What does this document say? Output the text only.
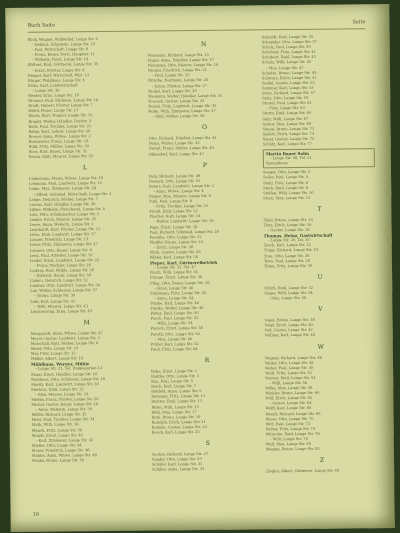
Buch Seite
Seite
Bück, Wagner, Wildenhof, Lange Str. 6
– Helmut, Schmiede, Lange Str. 23
– Paul, Wirtschaft, Lange Str. 9
– Franz, Bauer, Forst, Hauptstr. 11
– Wilhelm, Forst, Lange Str. 14
Büttner, Karl, Gärtnerei, Lange Str. 35
– Ernst, Förster, Lange Str. 8
Bünger, Karl, Wirtschaft, Wirt. 12
Bürger, Waldhaus, Lange Str. 4
Erika, Karl, Landwirtschaft
– Lange Str. 36
Bender, Erna, Lange Str. 16
Brenner, Paul, Bäckerei, Lange Str. 18
Brodt, Hubert, Förster Lange Str. 7
Bödel, Bauer, Lange Str. 15
Busch, Kurt, Wagner, Lange Str. 12
Brandt, Walter, Händler, Dorfstr. 3
Boek, Paul, Tischler, Lange Str. 21
Böhm, Karl, Lehrer, Lange Str. 40
Breuer, Anna, Witwe, Lange Str. 2
Burmeister, Franz, Lange Str. 18
Buhl, Fritz, Müller, Lange Str. 29
Boos, Karl, Bauer, Lange Str. 31
Braun, Emil, Maurer, Lange Str. 33
L
Lindemann, Marie, Witwe, Lange Str. 10
Lehmann, Paul, Landwirt, Lange Str. 15
Linke, Max, Zimmerer, Lange Str. 24
– Alfred, Schmied, Wirtschaft, Lange Str. 3
Lange, Heinrich, Bäcker, Lange Str. 7
Lorenz, Karl, Händler, Lange Str. 36
Lübke, Wilhelm, Fleischerei, Lange Str. 4
Lutz, Otto, Schuhmacher, Lange Str. 5
Lemke, Erich, Maurer, Lange Str. 25
Loose, Anna, Weberin, Lange Str. 1
Leonhardt, Karl, Förster, Lange Str. 11
Löwe, Emil, Landwirt, Lange Str. 17
Langer, Friedrich, Lange Str. 13
Leber, Fritz, Zimmerer, Lange Str. 27
Lehnert, Otto, Bauer, Lange Str. 6
Lenz, Paul, Arbeiter, Lange Str. 19
Linder, Ernst, Landwirt, Lange Str. 22
– Franz, Tischler, Lange Str. 26
Ludwig, Karl, Mühle, Lange Str. 28
– Richard, Bauer, Lange Str. 30
Lüders, Heinrich, Lange Str. 32
Lindner, Otto, Landwirt, Lange Str. 34
Lux, Walter, Schlosser, Lange Str. 37
– Bruno, Lange Str. 39
Lehr, Karl, Lange Str. 41
– Willi, Maurer, Lange Str. 43
Leichsenring, Erna, Lange Str. 45
M
Marquardt, Anna, Witwe, Lange Str. 47
Meyer, Gustav, Landwirt, Lange Str. 2
Marschall, Karl, Bäcker, Lange Str. 8
Meier, Otto, Lange Str. 10
Mai, Fritz, Lange Str. 12
Müller, Albert, Lange Str. 14
Mühlhaus, Werner, Mühle
– Lange Str. 21, Tel. Hoppegarten 12
Mann, Ernst, Händler, Lange Str. 16
Mattheus, Otto, Schlosser, Lange Str. 18
Moritz, Karl, Landwirt, Lange Str. 20
Mertens, Emil, Lange Str. 22
– Max, Maurer, Lange Str. 24
Mielke, Franz, Förster, Lange Str. 26
Michel, Gustav, Bauer, Lange Str. 28
– Anna, Weberin, Lange Str. 30
Möller, Richard, Lange Str. 32
Mohr, Paul, Tischler, Lange Str. 34
Muth, Willi, Lange Str. 36
Münch, Fritz, Lange Str. 38
Mundt, Ernst, Lange Str. 40
– Karl, Zimmerer, Lange Str. 42
Mädler, Otto, Lange Str. 44
Mauer, Friedrich, Lange Str. 46
Mahler, Anna, Witwe, Lange Str. 48
Maske, Bruno, Lange Str. 50
N
Naumann, Richard, Lange Str. 15
Nagel, Anna, Händler, Lange Str. 17
Neumann, Otto, Maurer, Lange Str. 19
Nicolai, Friedrich, Lange Str. 21
– Paul, Lange Str. 23
Nitsche, Hermann, Lange Str. 25
– Ernst, Förster, Lange Str. 27
Nickel, Karl, Lange Str. 29
Niemann, Walter, Händler, Lange Str. 31
Nowack, Gustav, Lange Str. 33
Noack, Fritz, Landwirt, Lange Str. 35
Nolte, Willi, Zimmerer, Lange Str. 37
– Emil, Müller, Lange Str. 39
O
Otto, Richard, Händler, Lange Str. 41
Oelze, Walter, Lange Str. 43
Oertel, Franz, Müller, Lange Str. 45
Ohlendorf, Karl, Lange Str. 47
P
Pahl, Richard, Lange Str. 49
Paetsch, Otto, Lange Str. 51
Peters, Karl, Landwirt, Lange Str. 2
– Anna, Witwe, Lange Str. 4
Pieper, Max, Maurer, Lange Str. 6
Pohl, Paul, Lange Str. 8
– Fritz, Tischler, Lange Str. 10
Preuß, Emil, Lange Str. 12
Püschel, Karl, Lange Str. 14
– Walter, Landwirt, Lange Str. 16
Pape, Ernst, Lange Str. 18
Paul, Richard, Schmied, Lange Str. 20
Peschke, Otto, Lange Str. 22
Pfeiffer, Bruno, Lange Str. 24
– Erich, Lange Str. 26
Plath, Gustav, Lange Str. 28
Pöhler, Karl, Lange Str. 30
Pieper, Karl, Gärtnereibetrieb
– Lange Str. 32, Tel. 47
Pasch, Willi, Lange Str. 34
Prange, Ernst, Lange Str. 36
Pflug, Otto, Bauer, Lange Str. 38
– Hans, Lange Str. 40
Puhlmann, Fritz, Lange Str. 42
– Anna, Lange Str. 44
Priebe, Karl, Lange Str. 46
Putzke, Walter, Lange Str. 48
Pötter, Emil, Lange Str. 50
Pusch, Paul, Lange Str. 52
– Willi, Lange Str. 54
Pietsch, Ernst, Lange Str. 56
Porath, Otto, Lange Str. 58
– Max, Lange Str. 60
Prüfer, Karl, Lange Str. 62
Pauli, Fritz, Lange Str. 64
R
Rabe, Ernst, Lange Str. 1
Radtke, Otto, Lange Str. 3
Rau, Paul, Lange Str. 5
Reich, Karl, Lange Str. 7
Rehfeld, Anna, Lange Str. 9
Reimann, Fritz, Lange Str. 11
Richter, Emil, Lange Str. 13
Ritter, Willi, Lange Str. 15
Röhl, Max, Lange Str. 17
Roth, Bruno, Lange Str. 19
Rudolph, Erich, Lange Str. 21
Ruhnke, Gustav, Lange Str. 23
Rusch, Karl, Lange Str. 25
S
Sachse, Richard, Lange Str. 27
Sander, Otto, Lange Str. 29
Schäfer, Karl, Lange Str. 31
Schiller, Anna, Lange Str. 33
Schmidt, Karl, Lange Str. 35
Schneider, Otto, Lange Str. 37
Scholz, Paul, Lange Str. 39
Schröder, Fritz, Lange Str. 41
Schubert, Emil, Lange Str. 43
Schulz, Willi, Lange Str. 45
– Max, Lange Str. 47
Schulze, Bruno, Lange Str. 49
Schwarz, Erich, Lange Str. 51
Seidel, Gustav, Lange Str. 53
Sommer, Karl, Lange Str. 55
Stein, Richard, Lange Str. 57
Stolz, Otto, Lange Str. 59
Strauß, Paul, Lange Str. 61
– Fritz, Lange Str. 63
Sturm, Emil, Lange Str. 65
Suhr, Willi, Lange Str. 67
Sydow, Max, Lange Str. 69
Simon, Bruno, Lange Str. 71
Seifert, Erich, Lange Str. 73
Sauer, Gustav, Lange Str. 75
Schütz, Karl, Lange Str. 77
Martin Bauer Sohn
– Lange Str. 36, Tel. 21
Spezialhaus
Seeger, Otto, Lange Str. 2
Seiler, Paul, Lange Str. 4
Stahl, Fritz, Lange Str. 6
Stark, Emil, Lange Str. 8
Steffen, Willi, Lange Str. 10
Stern, Max, Lange Str. 12
T
Thiel, Bruno, Lange Str. 14
Tietz, Erich, Lange Str. 16
– Gustav, Lange Str. 18
Thomas, Heinz, Gastwirtschaft
– Lange Str. 20, Tel. 33
Tesch, Karl, Lange Str. 22
Trapp, Richard, Lange Str. 24
Treu, Otto, Lange Str. 26
Tews, Paul, Lange Str. 28
Timm, Fritz, Lange Str. 30
U
Ulrich, Emil, Lange Str. 32
Unger, Willi, Lange Str. 34
– Max, Lange Str. 36
V
Vogel, Bruno, Lange Str. 38
Voigt, Erich, Lange Str. 40
Voß, Gustav, Lange Str. 42
Vollmer, Karl, Lange Str. 44
W
Wagner, Richard, Lange Str. 46
Walter, Otto, Lange Str. 48
Weber, Paul, Lange Str. 50
Weiß, Fritz, Lange Str. 52
Werner, Emil, Lange Str. 54
– Willi, Lange Str. 56
Wilke, Max, Lange Str. 58
Winkler, Bruno, Lange Str. 60
Wolf, Erich, Lange Str. 62
– Gustav, Lange Str. 64
Wolff, Karl, Lange Str. 66
Wendt, Richard, Lange Str. 68
Wiese, Otto, Lange Str. 70
Witt, Paul, Lange Str. 72
Wolter, Fritz, Lange Str. 74
Wünsche, Emil, Lange Str. 76
– Willi, Lange Str. 78
Wulf, Max, Lange Str. 80
Wegner, Bruno, Lange Str. 82
Z
Ziegler, Albert, Gärtnerei, Lange Str. 84
10
